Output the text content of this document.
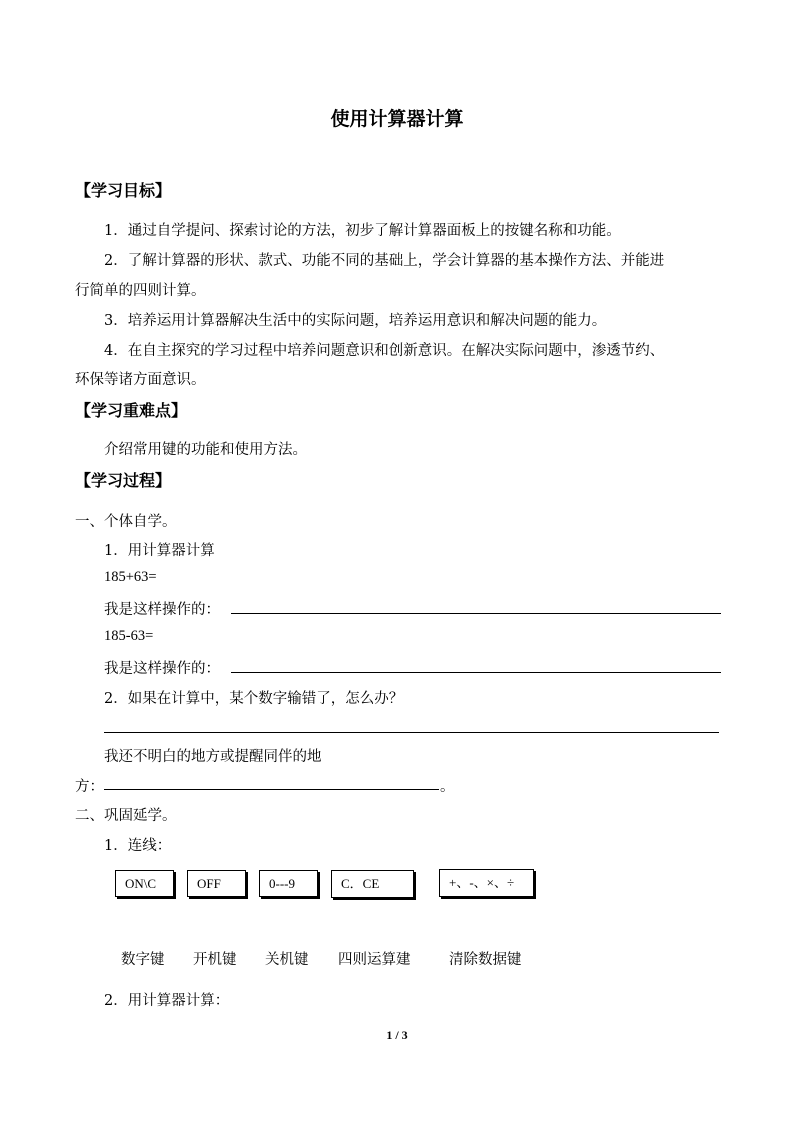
使用计算器计算
【学习目标】
1．通过自学提问、探索讨论的方法，初步了解计算器面板上的按键名称和功能。
2．了解计算器的形状、款式、功能不同的基础上，学会计算器的基本操作方法、并能进
行简单的四则计算。
3．培养运用计算器解决生活中的实际问题，培养运用意识和解决问题的能力。
4．在自主探究的学习过程中培养问题意识和创新意识。在解决实际问题中，渗透节约、
环保等诸方面意识。
【学习重难点】
介绍常用键的功能和使用方法。
【学习过程】
一、个体自学。
1．用计算器计算
185+63=
我是这样操作的：
185-63=
我是这样操作的：
2．如果在计算中，某个数字输错了，怎么办？
我还不明白的地方或提醒同伴的地
方：	。
二、巩固延学。
1．连线：
ON\C	OFF	0---9	C．CE	+、-、×、÷
数字键 开机键 关机键 四则运算建	清除数据键
2．用计算器计算：
1 / 3
